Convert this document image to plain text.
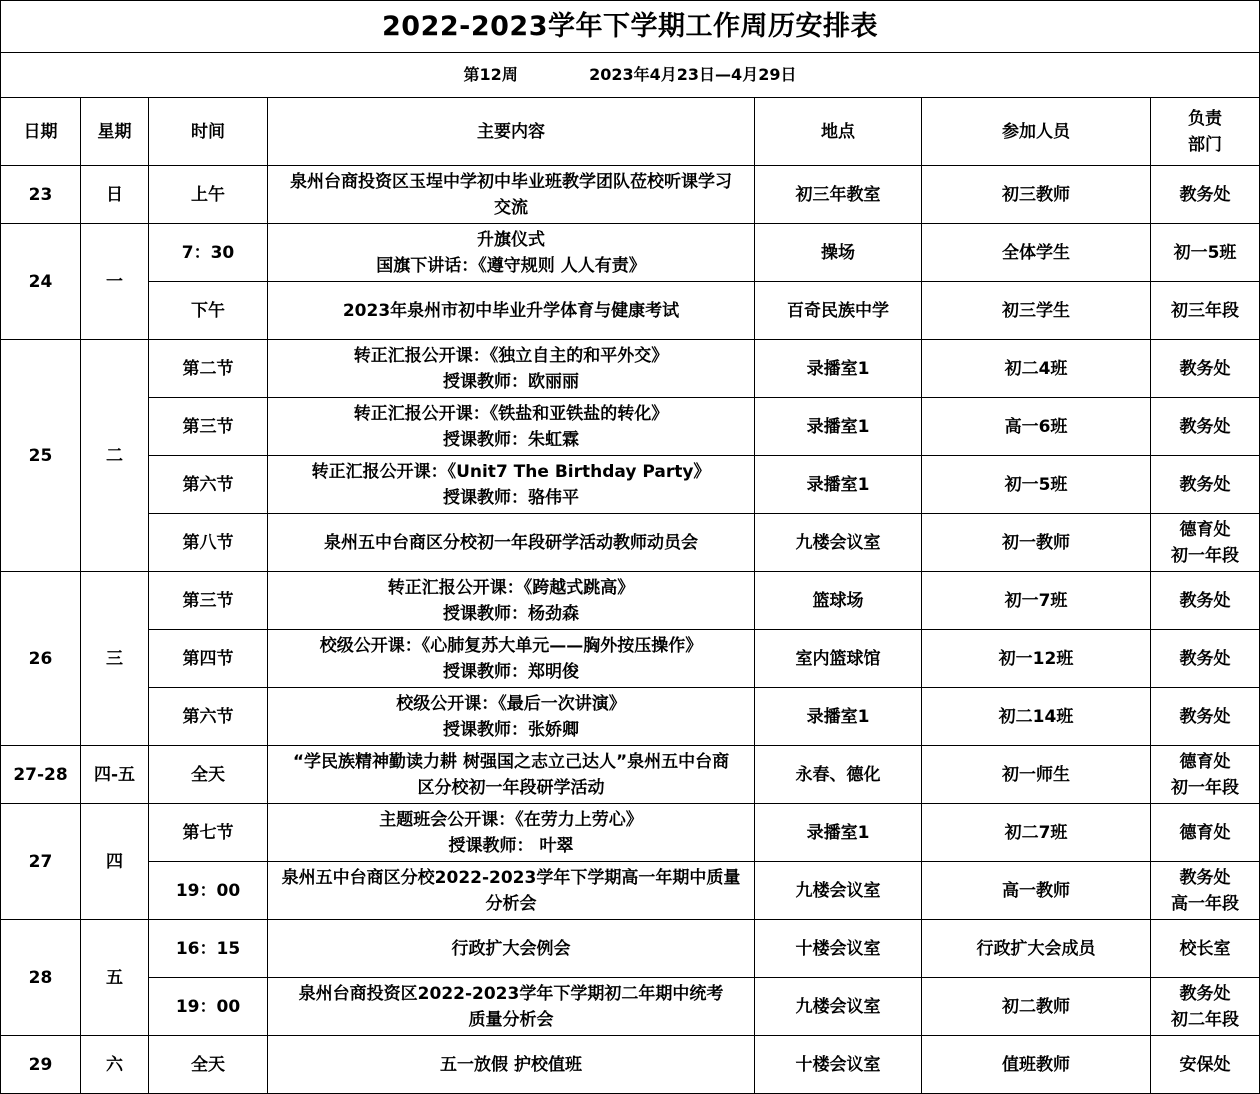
2022-2023学年下学期工作周历安排表						
第12周 2023年4月23日—4月29日						
日期	星期	时间	主要内容	地点	参加人员	负责
部门

23	日	上午	泉州台商投资区玉埕中学初中毕业班教学团队莅校听课学习
交流	初三年教室	初三教师	教务处

24	一	7：30	升旗仪式
国旗下讲话：《遵守规则 人人有责》	操场	全体学生	初一5班

		下午	2023年泉州市初中毕业升学体育与健康考试	百奇民族中学	初三学生	初三年段

25	二	第二节	转正汇报公开课：《独立自主的和平外交》
授课教师：欧丽丽	录播室1	初二4班	教务处

		第三节	转正汇报公开课：《铁盐和亚铁盐的转化》
授课教师：朱虹霖	录播室1	高一6班	教务处

		第六节	转正汇报公开课：《Unit7 The Birthday Party》
授课教师：骆伟平	录播室1	初一5班	教务处

		第八节	泉州五中台商区分校初一年段研学活动教师动员会	九楼会议室	初一教师	德育处
初一年段

26	三	第三节	转正汇报公开课：《跨越式跳高》
授课教师：杨劲森	篮球场	初一7班	教务处

		第四节	校级公开课：《心肺复苏大单元——胸外按压操作》
授课教师：郑明俊	室内篮球馆	初一12班	教务处

		第六节	校级公开课：《最后一次讲演》
授课教师：张娇卿	录播室1	初二14班	教务处

27-28	四-五	全天	“学民族精神勤读力耕 树强国之志立己达人”泉州五中台商
区分校初一年段研学活动	永春、德化	初一师生	德育处
初一年段

27	四	第七节	主题班会公开课：《在劳力上劳心》
授课教师： 叶翠	录播室1	初二7班	德育处

		19：00	泉州五中台商区分校2022-2023学年下学期高一年期中质量
分析会	九楼会议室	高一教师	教务处
高一年段

28	五	16：15	行政扩大会例会	十楼会议室	行政扩大会成员	校长室

		19：00	泉州台商投资区2022-2023学年下学期初二年期中统考
质量分析会	九楼会议室	初二教师	教务处
初二年段

29	六	全天	五一放假 护校值班	十楼会议室	值班教师	安保处
